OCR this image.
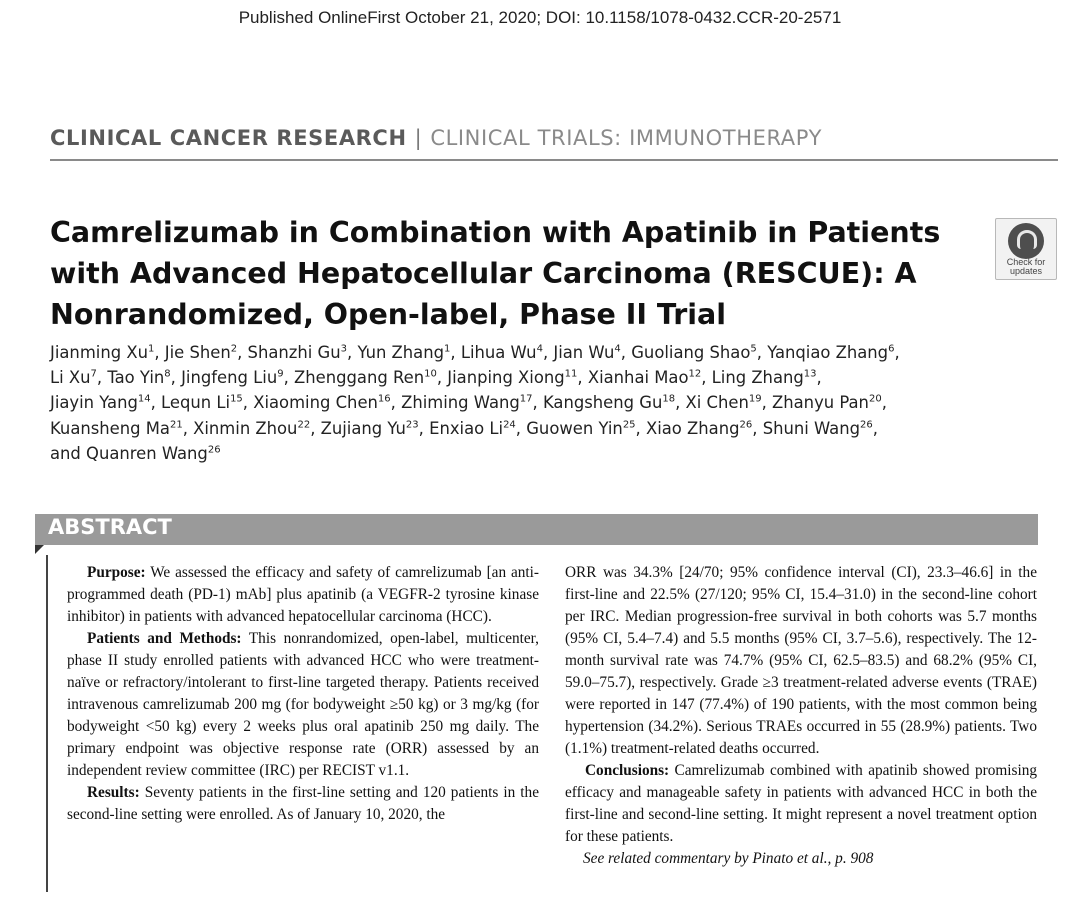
Published OnlineFirst October 21, 2020; DOI: 10.1158/1078-0432.CCR-20-2571
CLINICAL CANCER RESEARCH | CLINICAL TRIALS: IMMUNOTHERAPY
Camrelizumab in Combination with Apatinib in Patients
with Advanced Hepatocellular Carcinoma (RESCUE): A
Nonrandomized, Open-label, Phase II Trial
Check for
updates

Jianming Xu$^1$, Jie Shen$^2$, Shanzhi Gu$^3$, Yun Zhang$^1$, Lihua Wu$^4$, Jian Wu$^4$, Guoliang Shao$^5$, Yanqiao Zhang$^6$,
Li Xu$^7$, Tao Yin$^8$, Jingfeng Liu$^9$, Zhenggang Ren$^{10}$, Jianping Xiong$^{11}$, Xianhai Mao$^{12}$, Ling Zhang$^{13}$,
Jiayin Yang$^{14}$, Lequn Li$^{15}$, Xiaoming Chen$^{16}$, Zhiming Wang$^{17}$, Kangsheng Gu$^{18}$, Xi Chen$^{19}$, Zhanyu Pan$^{20}$,
Kuansheng Ma$^{21}$, Xinmin Zhou$^{22}$, Zujiang Yu$^{23}$, Enxiao Li$^{24}$, Guowen Yin$^{25}$, Xiao Zhang$^{26}$, Shuni Wang$^{26}$,
and Quanren Wang$^{26}$

ABSTRACT

Purpose: We assessed the efficacy and safety of camrelizumab [an anti-programmed death (PD-1) mAb] plus apatinib (a VEGFR-2 tyrosine kinase inhibitor) in patients with advanced hepatocellular carcinoma (HCC).

Patients and Methods: This nonrandomized, open-label, multicenter, phase II study enrolled patients with advanced HCC who were treatment-naïve or refractory/intolerant to first-line targeted therapy. Patients received intravenous camrelizumab 200 mg (for bodyweight ≥50 kg) or 3 mg/kg (for bodyweight <50 kg) every 2 weeks plus oral apatinib 250 mg daily. The primary endpoint was objective response rate (ORR) assessed by an independent review committee (IRC) per RECIST v1.1.

Results: Seventy patients in the first-line setting and 120 patients in the second-line setting were enrolled. As of January 10, 2020, the

ORR was 34.3% [24/70; 95% confidence interval (CI), 23.3–46.6] in the first-line and 22.5% (27/120; 95% CI, 15.4–31.0) in the second-line cohort per IRC. Median progression-free survival in both cohorts was 5.7 months (95% CI, 5.4–7.4) and 5.5 months (95% CI, 3.7–5.6), respectively. The 12-month survival rate was 74.7% (95% CI, 62.5–83.5) and 68.2% (95% CI, 59.0–75.7), respectively. Grade ≥3 treatment-related adverse events (TRAE) were reported in 147 (77.4%) of 190 patients, with the most common being hypertension (34.2%). Serious TRAEs occurred in 55 (28.9%) patients. Two (1.1%) treatment-related deaths occurred.

Conclusions: Camrelizumab combined with apatinib showed promising efficacy and manageable safety in patients with advanced HCC in both the first-line and second-line setting. It might represent a novel treatment option for these patients.

See related commentary by Pinato et al., p. 908
